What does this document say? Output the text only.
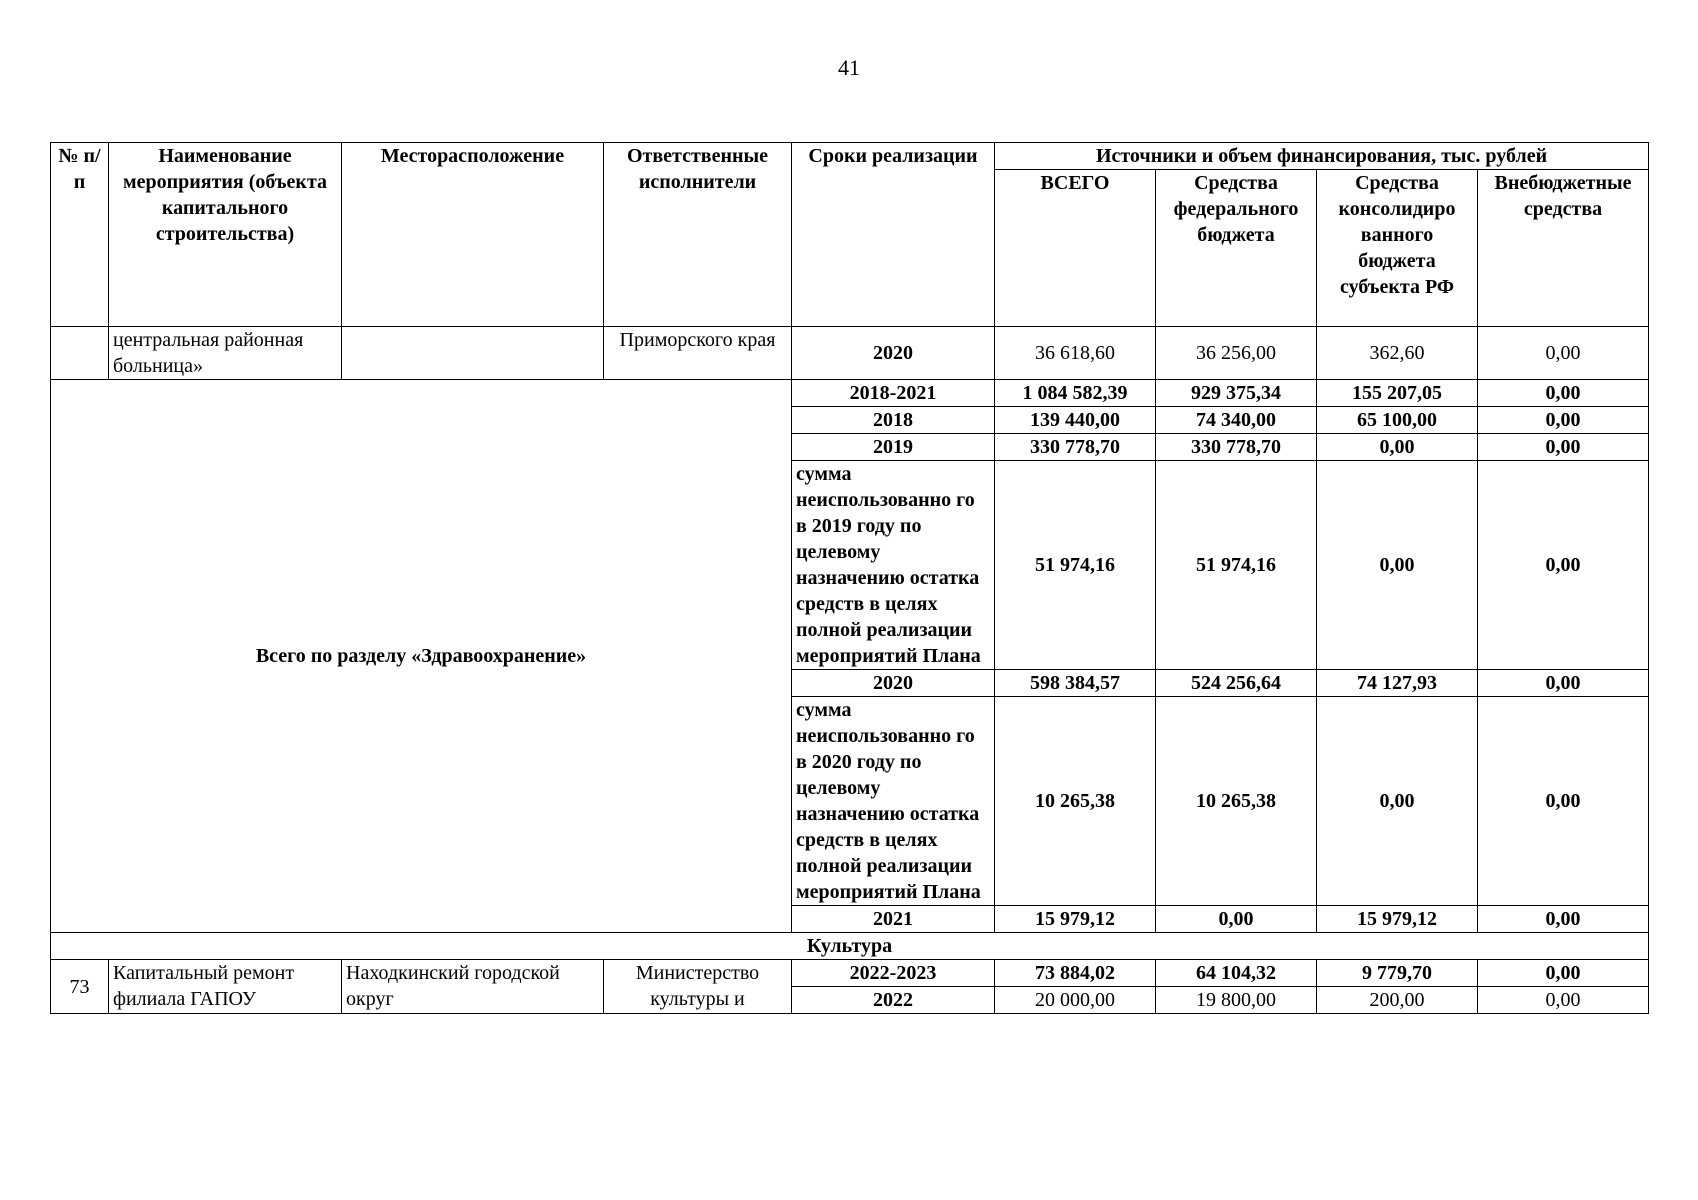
41
№ п/п	Наименование мероприятия (объекта капитального строительства)	Месторасположение	Ответственные исполнители	Сроки реализации	Источники и объем финансирования, тыс. рублей			
					ВСЕГО	Средства федерального бюджета	Средства консолидиро ванного бюджета субъекта РФ	Внебюджетные средства
	центральная районная больница»		Приморского края	2020	36 618,60	36 256,00	362,60	0,00
Всего по разделу «Здравоохранение»				2018-2021	1 084 582,39	929 375,34	155 207,05	0,00
				2018	139 440,00	74 340,00	65 100,00	0,00
				2019	330 778,70	330 778,70	0,00	0,00
				сумма неиспользованно го в 2019 году по целевому назначению остатка средств в целях полной реализации мероприятий Плана	51 974,16	51 974,16	0,00	0,00
				2020	598 384,57	524 256,64	74 127,93	0,00
				сумма неиспользованно го в 2020 году по целевому назначению остатка средств в целях полной реализации мероприятий Плана	10 265,38	10 265,38	0,00	0,00
				2021	15 979,12	0,00	15 979,12	0,00
Культура								
73	Капитальный ремонт филиала ГАПОУ	Находкинский городской округ	Министерство культуры и	2022-2023	73 884,02	64 104,32	9 779,70	0,00
				2022	20 000,00	19 800,00	200,00	0,00
